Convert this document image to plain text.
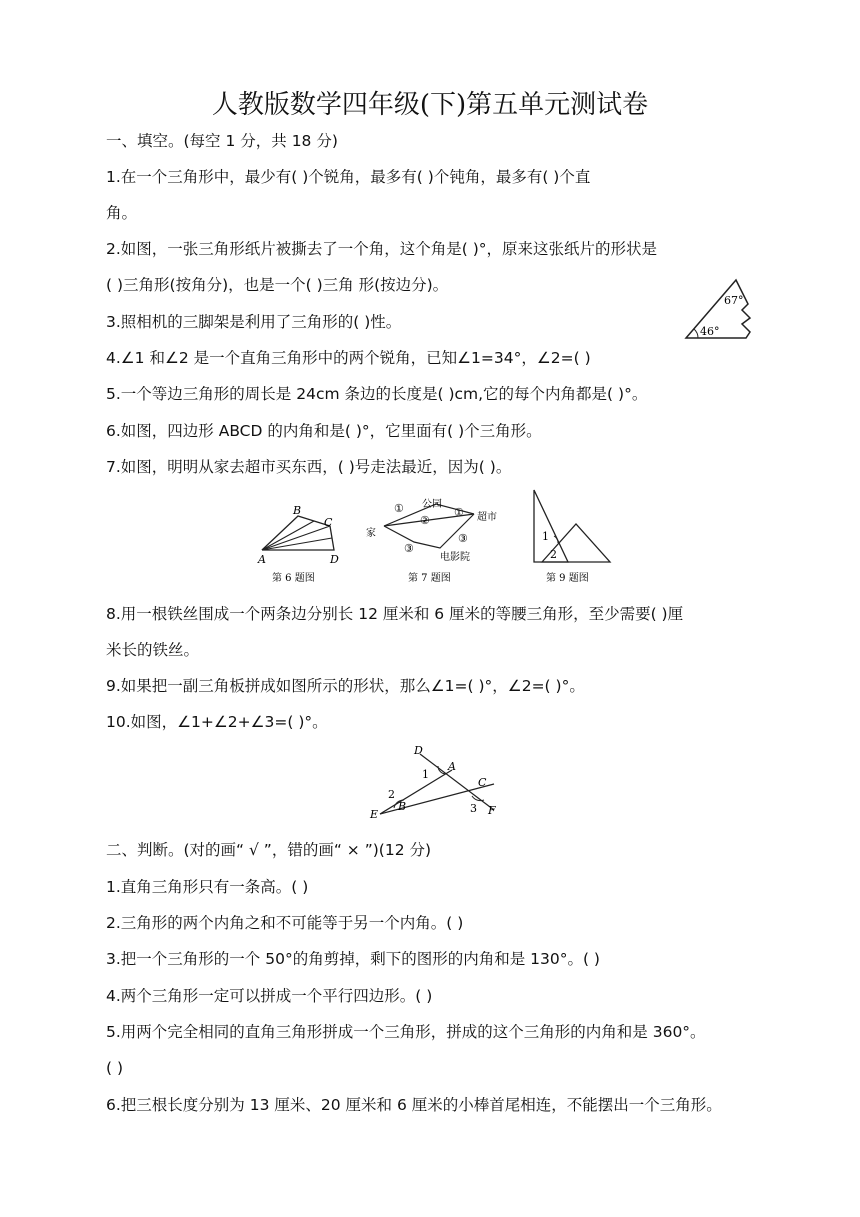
人教版数学四年级(下)第五单元测试卷
一、填空。(每空 1 分，共 18 分)
1.在一个三角形中，最少有( )个锐角，最多有( )个钝角，最多有( )个直
角。
2.如图，一张三角形纸片被撕去了一个角，这个角是( )°，原来这张纸片的形状是
( )三角形(按角分)，也是一个( )三角 形(按边分)。
3.照相机的三脚架是利用了三角形的( )性。
4.∠1 和∠2 是一个直角三角形中的两个锐角，已知∠1=34°，∠2=( )
5.一个等边三角形的周长是 24cm 条边的长度是( )cm,它的每个内角都是( )°。
6.如图，四边形 ABCD 的内角和是( )°，它里面有( )个三角形。
7.如图，明明从家去超市买东西，( )号走法最近，因为( )。
8.用一根铁丝围成一个两条边分别长 12 厘米和 6 厘米的等腰三角形，至少需要( )厘
米长的铁丝。
9.如果把一副三角板拼成如图所示的形状，那么∠1=( )°，∠2=( )°。
10.如图，∠1+∠2+∠3=( )°。
二、判断。(对的画“ √ ”，错的画“ × ”)(12 分)
1.直角三角形只有一条高。( )
2.三角形的两个内角之和不可能等于另一个内角。( )
3.把一个三角形的一个 50°的角剪掉，剩下的图形的内角和是 130°。( )
4.两个三角形一定可以拼成一个平行四边形。( )
5.用两个完全相同的直角三角形拼成一个三角形，拼成的这个三角形的内角和是 360°。
( )
6.把三根长度分别为 13 厘米、20 厘米和 6 厘米的小棒首尾相连，不能摆出一个三角形。
46°
67°
B
C
A	D
第 6 题图
公园
家
超市
电影院
①
②
①
③
③
第 7 题图
1
2
第 9 题图
D
A
C
E
B	F
1
2
3
